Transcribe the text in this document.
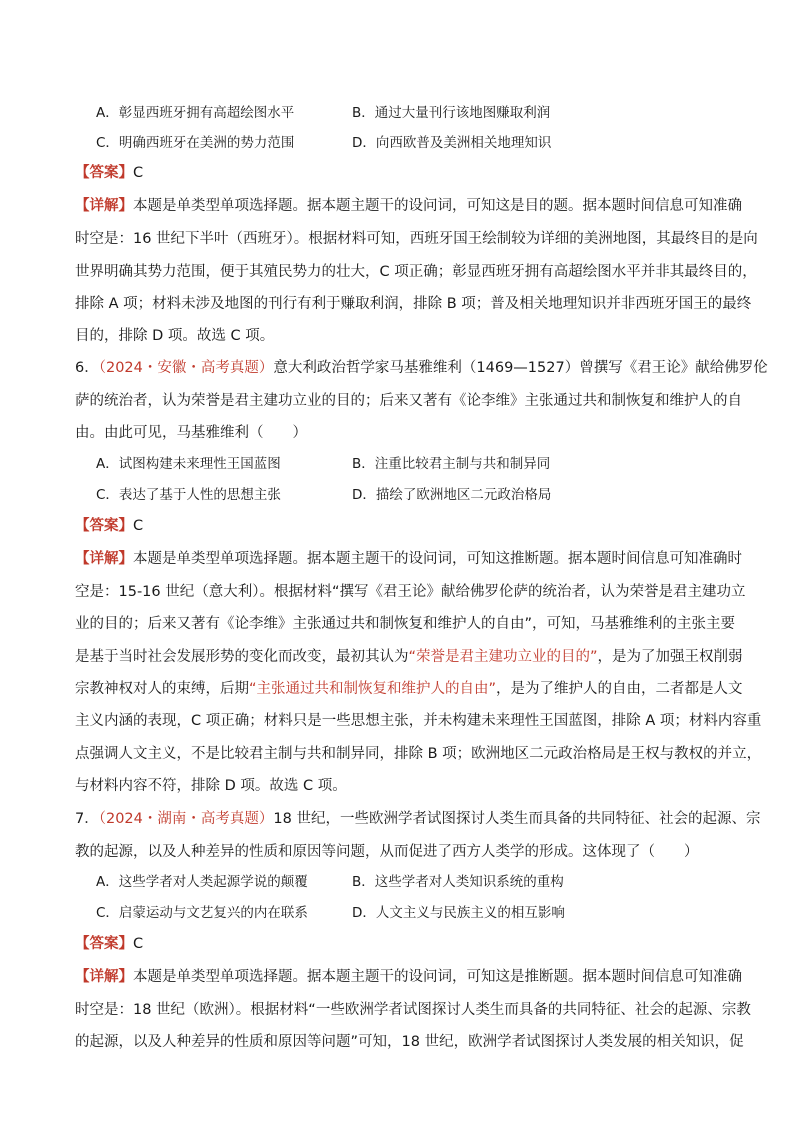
A．彰显西班牙拥有高超绘图水平	B．通过大量刊行该地图赚取利润
C．明确西班牙在美洲的势力范围	D．向西欧普及美洲相关地理知识
【答案】C
【详解】本题是单类型单项选择题。据本题主题干的设问词，可知这是目的题。据本题时间信息可知准确
时空是：16 世纪下半叶（西班牙）。根据材料可知，西班牙国王绘制较为详细的美洲地图，其最终目的是向
世界明确其势力范围，便于其殖民势力的壮大，C 项正确；彰显西班牙拥有高超绘图水平并非其最终目的，
排除 A 项；材料未涉及地图的刊行有利于赚取利润，排除 B 项；普及相关地理知识并非西班牙国王的最终
目的，排除 D 项。故选 C 项。
6．（2024・安徽・高考真题）意大利政治哲学家马基雅维利（1469—1527）曾撰写《君王论》献给佛罗伦
萨的统治者，认为荣誉是君主建功立业的目的；后来又著有《论李维》主张通过共和制恢复和维护人的自
由。由此可见，马基雅维利（　　）
A．试图构建未来理性王国蓝图	B．注重比较君主制与共和制异同
C．表达了基于人性的思想主张	D．描绘了欧洲地区二元政治格局
【答案】C
【详解】本题是单类型单项选择题。据本题主题干的设问词，可知这推断题。据本题时间信息可知准确时
空是：15-16 世纪（意大利）。根据材料“撰写《君王论》献给佛罗伦萨的统治者，认为荣誉是君主建功立
业的目的；后来又著有《论李维》主张通过共和制恢复和维护人的自由”，可知，马基雅维利的主张主要
是基于当时社会发展形势的变化而改变，最初其认为“荣誉是君主建功立业的目的”，是为了加强王权削弱
宗教神权对人的束缚，后期“主张通过共和制恢复和维护人的自由”，是为了维护人的自由，二者都是人文
主义内涵的表现，C 项正确；材料只是一些思想主张，并未构建未来理性王国蓝图，排除 A 项；材料内容重
点强调人文主义，不是比较君主制与共和制异同，排除 B 项；欧洲地区二元政治格局是王权与教权的并立，
与材料内容不符，排除 D 项。故选 C 项。
7．（2024・湖南・高考真题）18 世纪，一些欧洲学者试图探讨人类生而具备的共同特征、社会的起源、宗
教的起源，以及人种差异的性质和原因等问题，从而促进了西方人类学的形成。这体现了（　　）
A．这些学者对人类起源学说的颠覆	B．这些学者对人类知识系统的重构
C．启蒙运动与文艺复兴的内在联系	D．人文主义与民族主义的相互影响
【答案】C
【详解】本题是单类型单项选择题。据本题主题干的设问词，可知这是推断题。据本题时间信息可知准确
时空是：18 世纪（欧洲）。根据材料“一些欧洲学者试图探讨人类生而具备的共同特征、社会的起源、宗教
的起源，以及人种差异的性质和原因等问题”可知，18 世纪，欧洲学者试图探讨人类发展的相关知识，促
